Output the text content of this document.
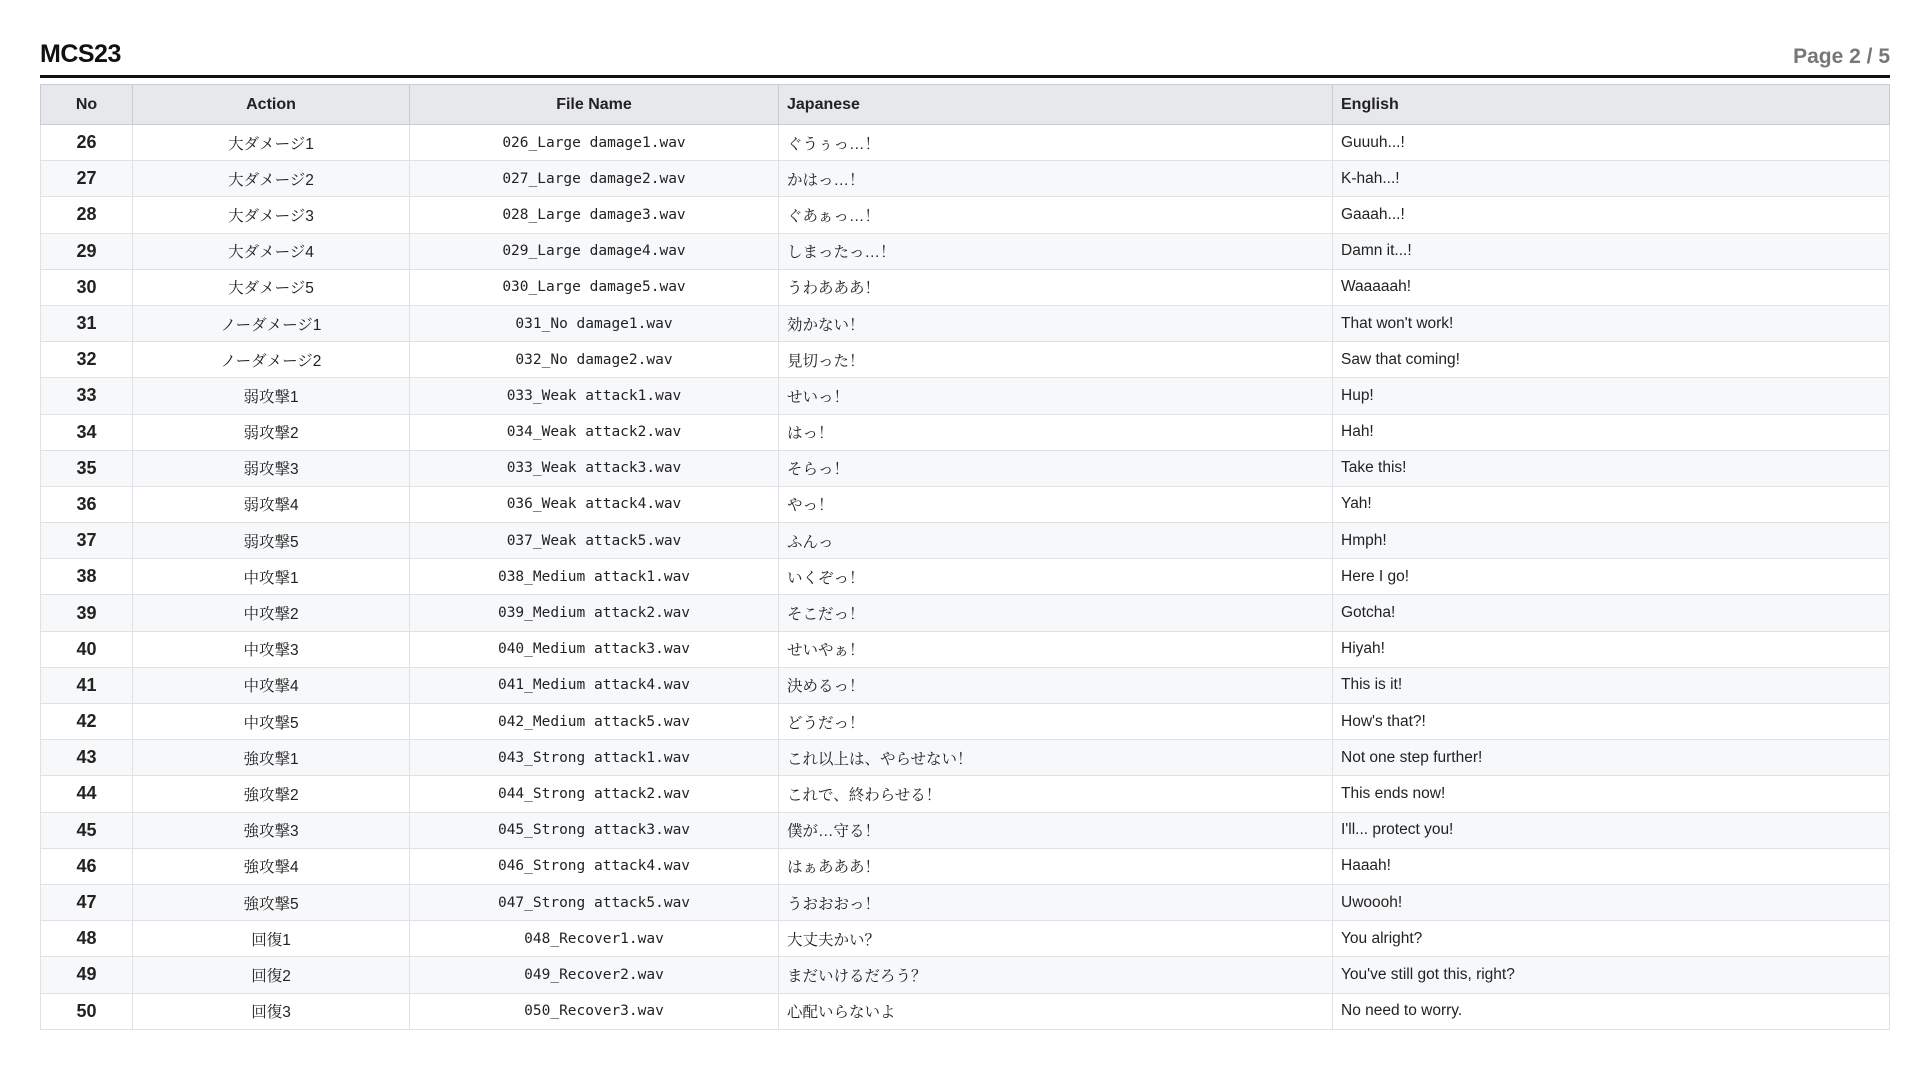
MCS23	Page 2 / 5
No	Action	File Name	Japanese	English
26	大ダメージ1	026_Large damage1.wav	ぐうぅっ…！	Guuuh...!
27	大ダメージ2	027_Large damage2.wav	かはっ…！	K-hah...!
28	大ダメージ3	028_Large damage3.wav	ぐあぁっ…！	Gaaah...!
29	大ダメージ4	029_Large damage4.wav	しまったっ…！	Damn it...!
30	大ダメージ5	030_Large damage5.wav	うわあああ！	Waaaaah!
31	ノーダメージ1	031_No damage1.wav	効かない！	That won't work!
32	ノーダメージ2	032_No damage2.wav	見切った！	Saw that coming!
33	弱攻撃1	033_Weak attack1.wav	せいっ！	Hup!
34	弱攻撃2	034_Weak attack2.wav	はっ！	Hah!
35	弱攻撃3	033_Weak attack3.wav	そらっ！	Take this!
36	弱攻撃4	036_Weak attack4.wav	やっ！	Yah!
37	弱攻撃5	037_Weak attack5.wav	ふんっ	Hmph!
38	中攻撃1	038_Medium attack1.wav	いくぞっ！	Here I go!
39	中攻撃2	039_Medium attack2.wav	そこだっ！	Gotcha!
40	中攻撃3	040_Medium attack3.wav	せいやぁ！	Hiyah!
41	中攻撃4	041_Medium attack4.wav	決めるっ！	This is it!
42	中攻撃5	042_Medium attack5.wav	どうだっ！	How's that?!
43	強攻撃1	043_Strong attack1.wav	これ以上は、やらせない！	Not one step further!
44	強攻撃2	044_Strong attack2.wav	これで、終わらせる！	This ends now!
45	強攻撃3	045_Strong attack3.wav	僕が…守る！	I'll... protect you!
46	強攻撃4	046_Strong attack4.wav	はぁあああ！	Haaah!
47	強攻撃5	047_Strong attack5.wav	うおおおっ！	Uwoooh!
48	回復1	048_Recover1.wav	大丈夫かい？	You alright?
49	回復2	049_Recover2.wav	まだいけるだろう？	You've still got this, right?
50	回復3	050_Recover3.wav	心配いらないよ	No need to worry.
